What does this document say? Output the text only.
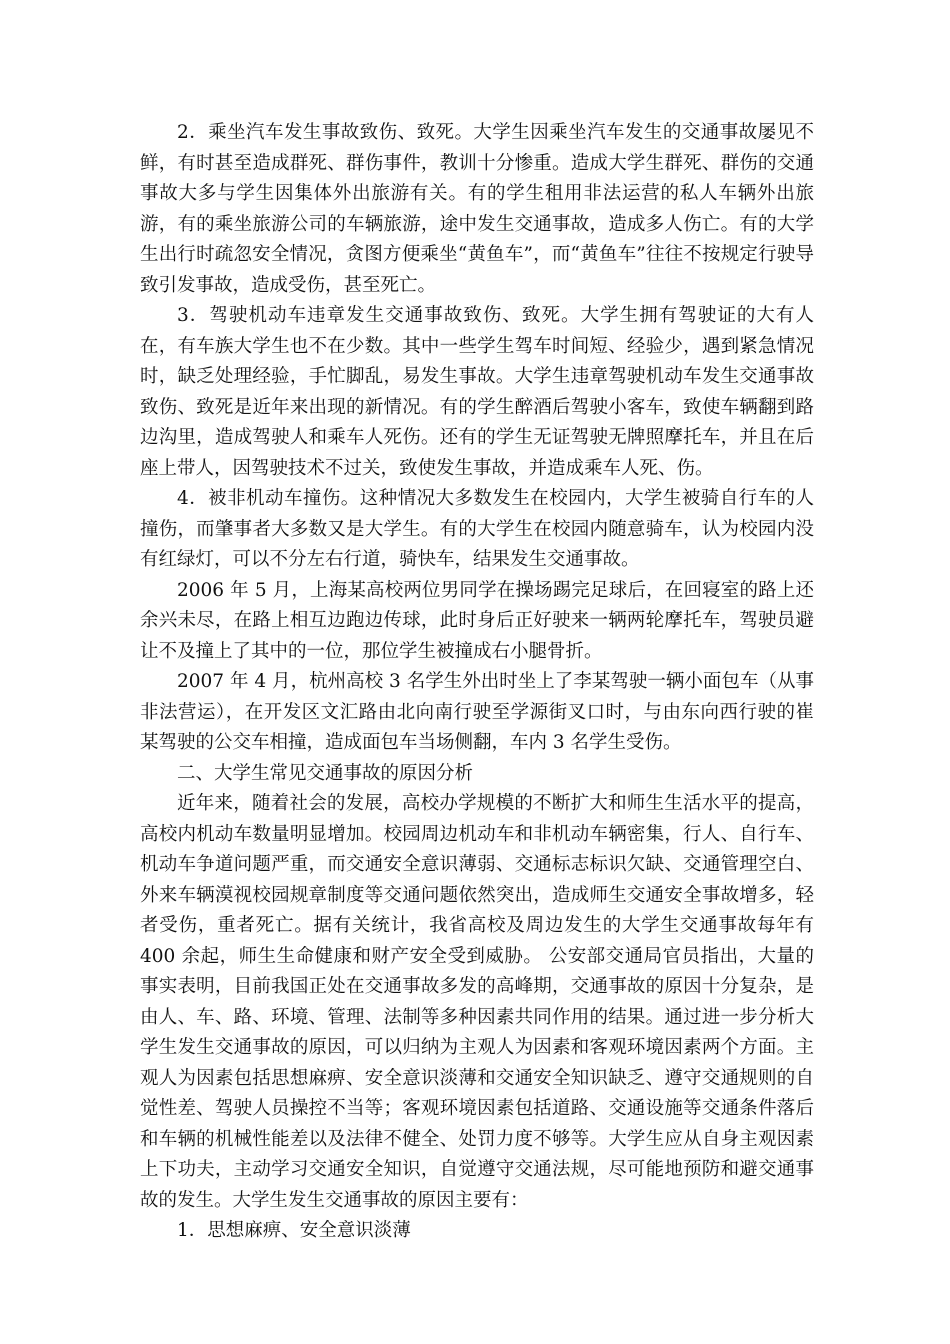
2．乘坐汽车发生事故致伤、致死。大学生因乘坐汽车发生的交通事故屡见不鲜，有时甚至造成群死、群伤事件，教训十分惨重。造成大学生群死、群伤的交通事故大多与学生因集体外出旅游有关。有的学生租用非法运营的私人车辆外出旅游，有的乘坐旅游公司的车辆旅游，途中发生交通事故，造成多人伤亡。有的大学生出行时疏忽安全情况，贪图方便乘坐“黄鱼车”，而“黄鱼车”往往不按规定行驶导致引发事故，造成受伤，甚至死亡。

3．驾驶机动车违章发生交通事故致伤、致死。大学生拥有驾驶证的大有人在，有车族大学生也不在少数。其中一些学生驾车时间短、经验少，遇到紧急情况时，缺乏处理经验，手忙脚乱，易发生事故。大学生违章驾驶机动车发生交通事故致伤、致死是近年来出现的新情况。有的学生醉酒后驾驶小客车，致使车辆翻到路边沟里，造成驾驶人和乘车人死伤。还有的学生无证驾驶无牌照摩托车，并且在后座上带人，因驾驶技术不过关，致使发生事故，并造成乘车人死、伤。

4．被非机动车撞伤。这种情况大多数发生在校园内，大学生被骑自行车的人撞伤，而肇事者大多数又是大学生。有的大学生在校园内随意骑车，认为校园内没有红绿灯，可以不分左右行道，骑快车，结果发生交通事故。

2006 年 5 月，上海某高校两位男同学在操场踢完足球后，在回寝室的路上还余兴未尽，在路上相互边跑边传球，此时身后正好驶来一辆两轮摩托车，驾驶员避让不及撞上了其中的一位，那位学生被撞成右小腿骨折。

2007 年 4 月，杭州高校 3 名学生外出时坐上了李某驾驶一辆小面包车（从事非法营运），在开发区文汇路由北向南行驶至学源街叉口时，与由东向西行驶的崔某驾驶的公交车相撞，造成面包车当场侧翻，车内 3 名学生受伤。

二、大学生常见交通事故的原因分析

近年来，随着社会的发展，高校办学规模的不断扩大和师生生活水平的提高，高校内机动车数量明显增加。校园周边机动车和非机动车辆密集，行人、自行车、机动车争道问题严重，而交通安全意识薄弱、交通标志标识欠缺、交通管理空白、外来车辆漠视校园规章制度等交通问题依然突出，造成师生交通安全事故增多，轻者受伤，重者死亡。据有关统计，我省高校及周边发生的大学生交通事故每年有 400 余起，师生生命健康和财产安全受到威胁。 公安部交通局官员指出，大量的事实表明，目前我国正处在交通事故多发的高峰期，交通事故的原因十分复杂，是由人、车、路、环境、管理、法制等多种因素共同作用的结果。通过进一步分析大学生发生交通事故的原因，可以归纳为主观人为因素和客观环境因素两个方面。主观人为因素包括思想麻痹、安全意识淡薄和交通安全知识缺乏、遵守交通规则的自觉性差、驾驶人员操控不当等；客观环境因素包括道路、交通设施等交通条件落后和车辆的机械性能差以及法律不健全、处罚力度不够等。大学生应从自身主观因素上下功夫，主动学习交通安全知识，自觉遵守交通法规，尽可能地预防和避交通事故的发生。大学生发生交通事故的原因主要有：

1．思想麻痹、安全意识淡薄
